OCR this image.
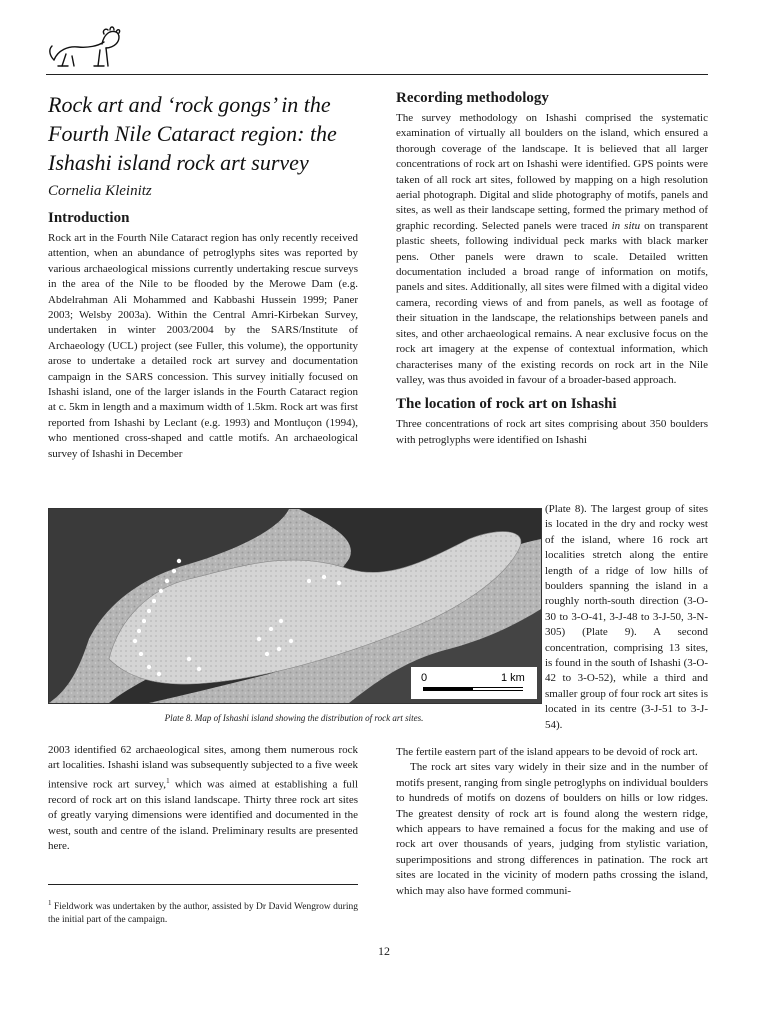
Rock art and ‘rock gongs’ in the Fourth Nile Cataract region: the Ishashi island rock art survey

Cornelia Kleinitz

Introduction

Rock art in the Fourth Nile Cataract region has only recently received attention, when an abundance of petroglyphs sites was reported by various archaeological missions currently undertaking rescue surveys in the area of the Nile to be flooded by the Merowe Dam (e.g. Abdelrahman Ali Mohammed and Kabbashi Hussein 1999; Paner 2003; Welsby 2003a). Within the Central Amri-Kirbekan Survey, undertaken in winter 2003/2004 by the SARS/Institute of Archaeology (UCL) project (see Fuller, this volume), the opportunity arose to undertake a detailed rock art survey and documentation campaign in the SARS concession. This survey initially focused on Ishashi island, one of the larger islands in the Fourth Cataract region at c. 5km in length and a maximum width of 1.5km. Rock art was first reported from Ishashi by Leclant (e.g. 1993) and Montluçon (1994), who mentioned cross-shaped and cattle motifs. An archaeological survey of Ishashi in December

Recording methodology

The survey methodology on Ishashi comprised the systematic examination of virtually all boulders on the island, which ensured a thorough coverage of the landscape. It is believed that all larger concentrations of rock art on Ishashi were identified. GPS points were taken of all rock art sites, followed by mapping on a high resolution aerial photograph. Digital and slide photography of motifs, panels and sites, as well as their landscape setting, formed the primary method of graphic recording. Selected panels were traced in situ on transparent plastic sheets, following individual peck marks with black marker pens. Other panels were drawn to scale. Detailed written documentation included a broad range of information on motifs, panels and sites. Additionally, all sites were filmed with a digital video camera, recording views of and from panels, as well as footage of their situation in the landscape, the relationships between panels and sites, and other archaeological remains. A near exclusive focus on the rock art imagery at the expense of contextual information, which characterises many of the existing records on rock art in the Nile valley, was thus avoided in favour of a broader-based approach.

The location of rock art on Ishashi

Three concentrations of rock art sites comprising about 350 boulders with petroglyphs were identified on Ishashi

0	1 km
Plate 8. Map of Ishashi island showing the distribution of rock art sites.

(Plate 8). The largest group of sites is located in the dry and rocky west of the island, where 16 rock art localities stretch along the entire length of a ridge of low hills of boulders spanning the island in a roughly north-south direction (3-O-30 to 3-O-41, 3-J-48 to 3-J-50, 3-N-305) (Plate 9). A second concentration, comprising 13 sites, is found in the south of Ishashi (3-O-42 to 3-O-52), while a third and smaller group of four rock art sites is located in its centre (3-J-51 to 3-J-54).

2003 identified 62 archaeological sites, among them numerous rock art localities. Ishashi island was subsequently subjected to a five week intensive rock art survey,$^1$ which was aimed at establishing a full record of rock art on this island landscape. Thirty three rock art sites of greatly varying dimensions were identified and documented in the west, south and centre of the island. Preliminary results are presented here.

The fertile eastern part of the island appears to be devoid of rock art.

The rock art sites vary widely in their size and in the number of motifs present, ranging from single petroglyphs on individual boulders to hundreds of motifs on dozens of boulders on hills or low ridges. The greatest density of rock art is found along the western ridge, which appears to have remained a focus for the making and use of rock art over thousands of years, judging from stylistic variation, superimpositions and strong differences in patination. The rock art sites are located in the vicinity of modern paths crossing the island, which may also have formed communi-

$^1$ Fieldwork was undertaken by the author, assisted by Dr David Wengrow during the initial part of the campaign.
12
